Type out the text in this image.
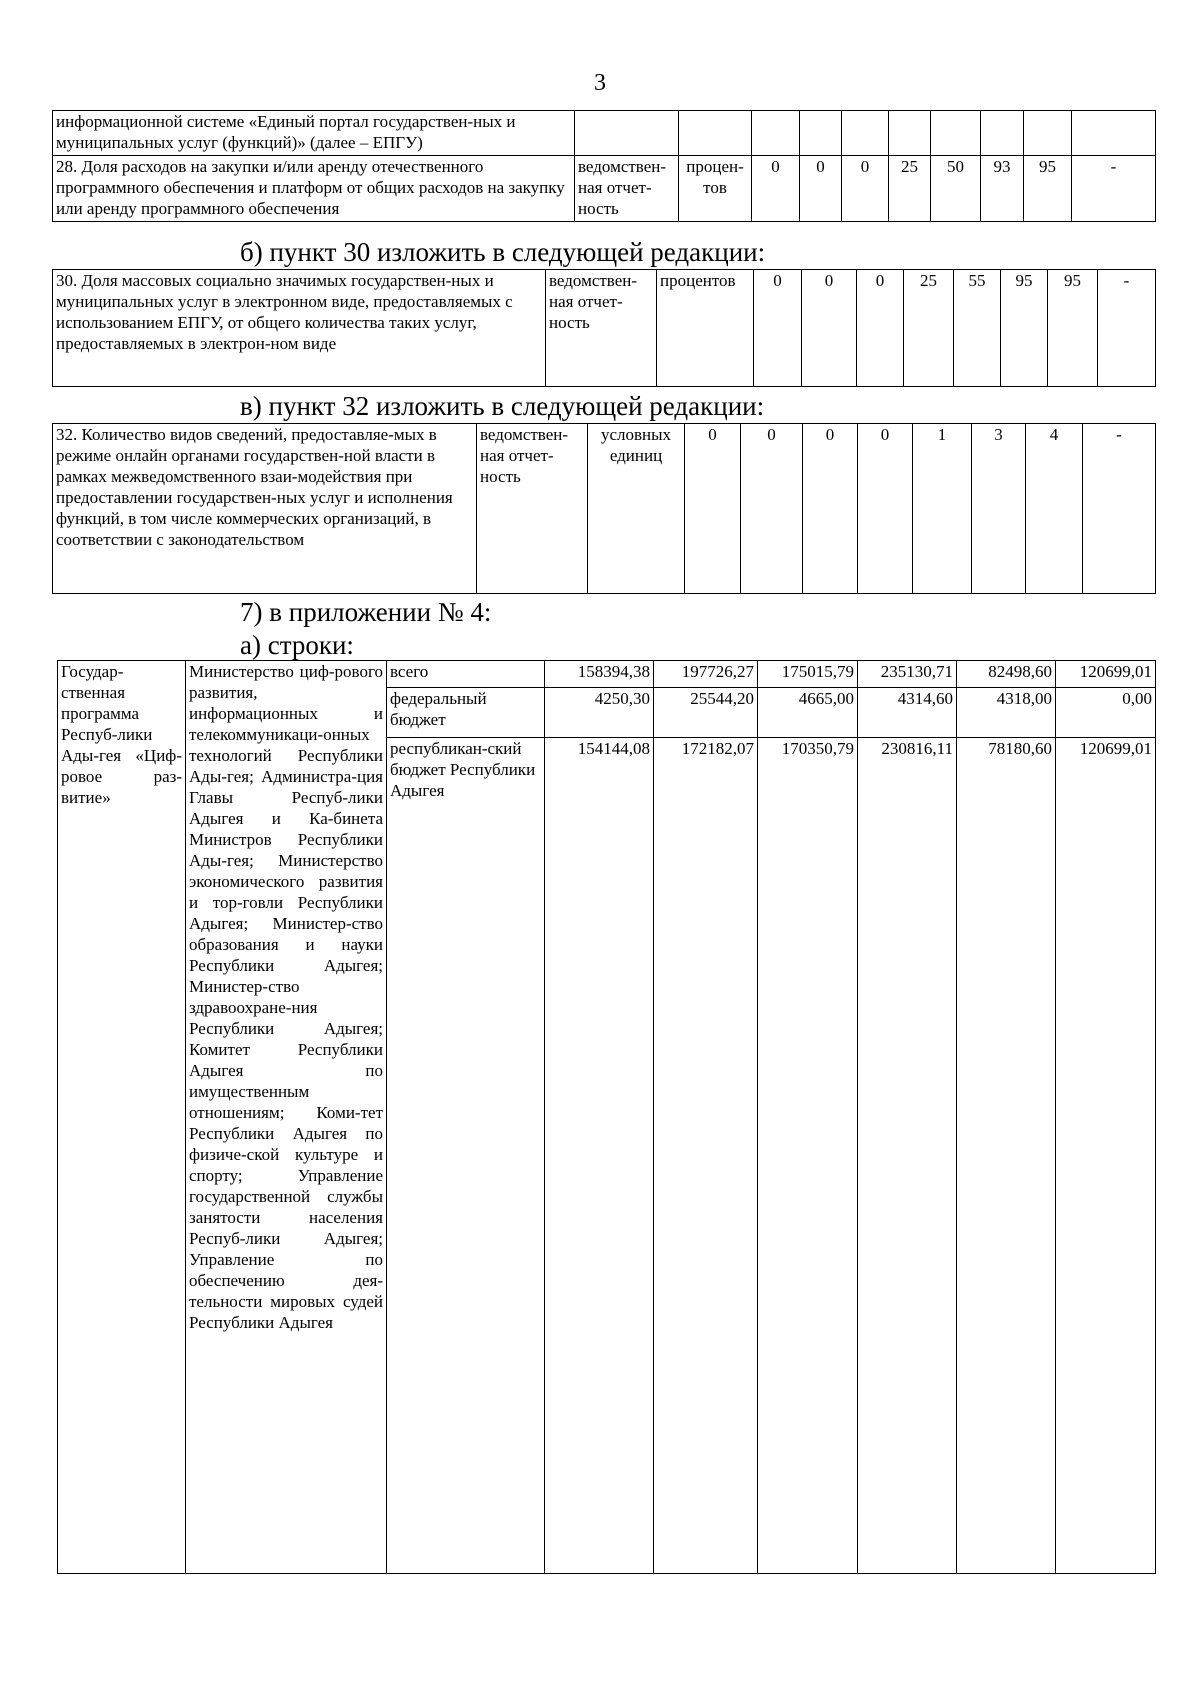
3
информационной системе «Единый портал государствен-ных и муниципальных услуг (функций)» (далее – ЕПГУ)										
28. Доля расходов на закупки и/или аренду отечественного программного обеспечения и платформ от общих расходов на закупку или аренду программного обеспечения	ведомствен-ная отчет-ность	процен-тов	0	0	0	25	50	93	95	-
б) пункт 30 изложить в следующей редакции:
30. Доля массовых социально значимых государствен-ных и муниципальных услуг в электронном виде, предоставляемых с использованием ЕПГУ, от общего количества таких услуг, предоставляемых в электрон-ном виде	ведомствен-ная отчет-ность	процентов	0	0	0	25	55	95	95	-
в) пункт 32 изложить в следующей редакции:
32. Количество видов сведений, предоставляе-мых в режиме онлайн органами государствен-ной власти в рамках межведомственного взаи-модействия при предоставлении государствен-ных услуг и исполнения функций, в том числе коммерческих организаций, в соответствии с законодательством	ведомствен-ная отчет-ность	условных единиц	0	0	0	0	1	3	4	-
7) в приложении № 4:
а) строки:
Государ-ственная программа Респуб-лики Ады-гея «Циф-ровое раз-витие»	Министерство циф-рового развития, информационных и телекоммуникаци-онных технологий Республики Ады-гея; Администра-ция Главы Респуб-лики Адыгея и Ка-бинета Министров Республики Ады-гея; Министерство экономического развития и тор-говли Республики Адыгея; Министер-ство образования и науки Республики Адыгея; Министер-ство здравоохране-ния Республики Адыгея; Комитет Республики Адыгея по имущественным отношениям; Коми-тет Республики Адыгея по физиче-ской культуре и спорту; Управление государственной службы занятости населения Респуб-лики Адыгея; Управление по обеспечению дея-тельности мировых судей Республики Адыгея	всего	158394,38	197726,27	175015,79	235130,71	82498,60	120699,01
		федеральный бюджет	4250,30	25544,20	4665,00	4314,60	4318,00	0,00
		республикан-ский бюджет Республики Адыгея	154144,08	172182,07	170350,79	230816,11	78180,60	120699,01
